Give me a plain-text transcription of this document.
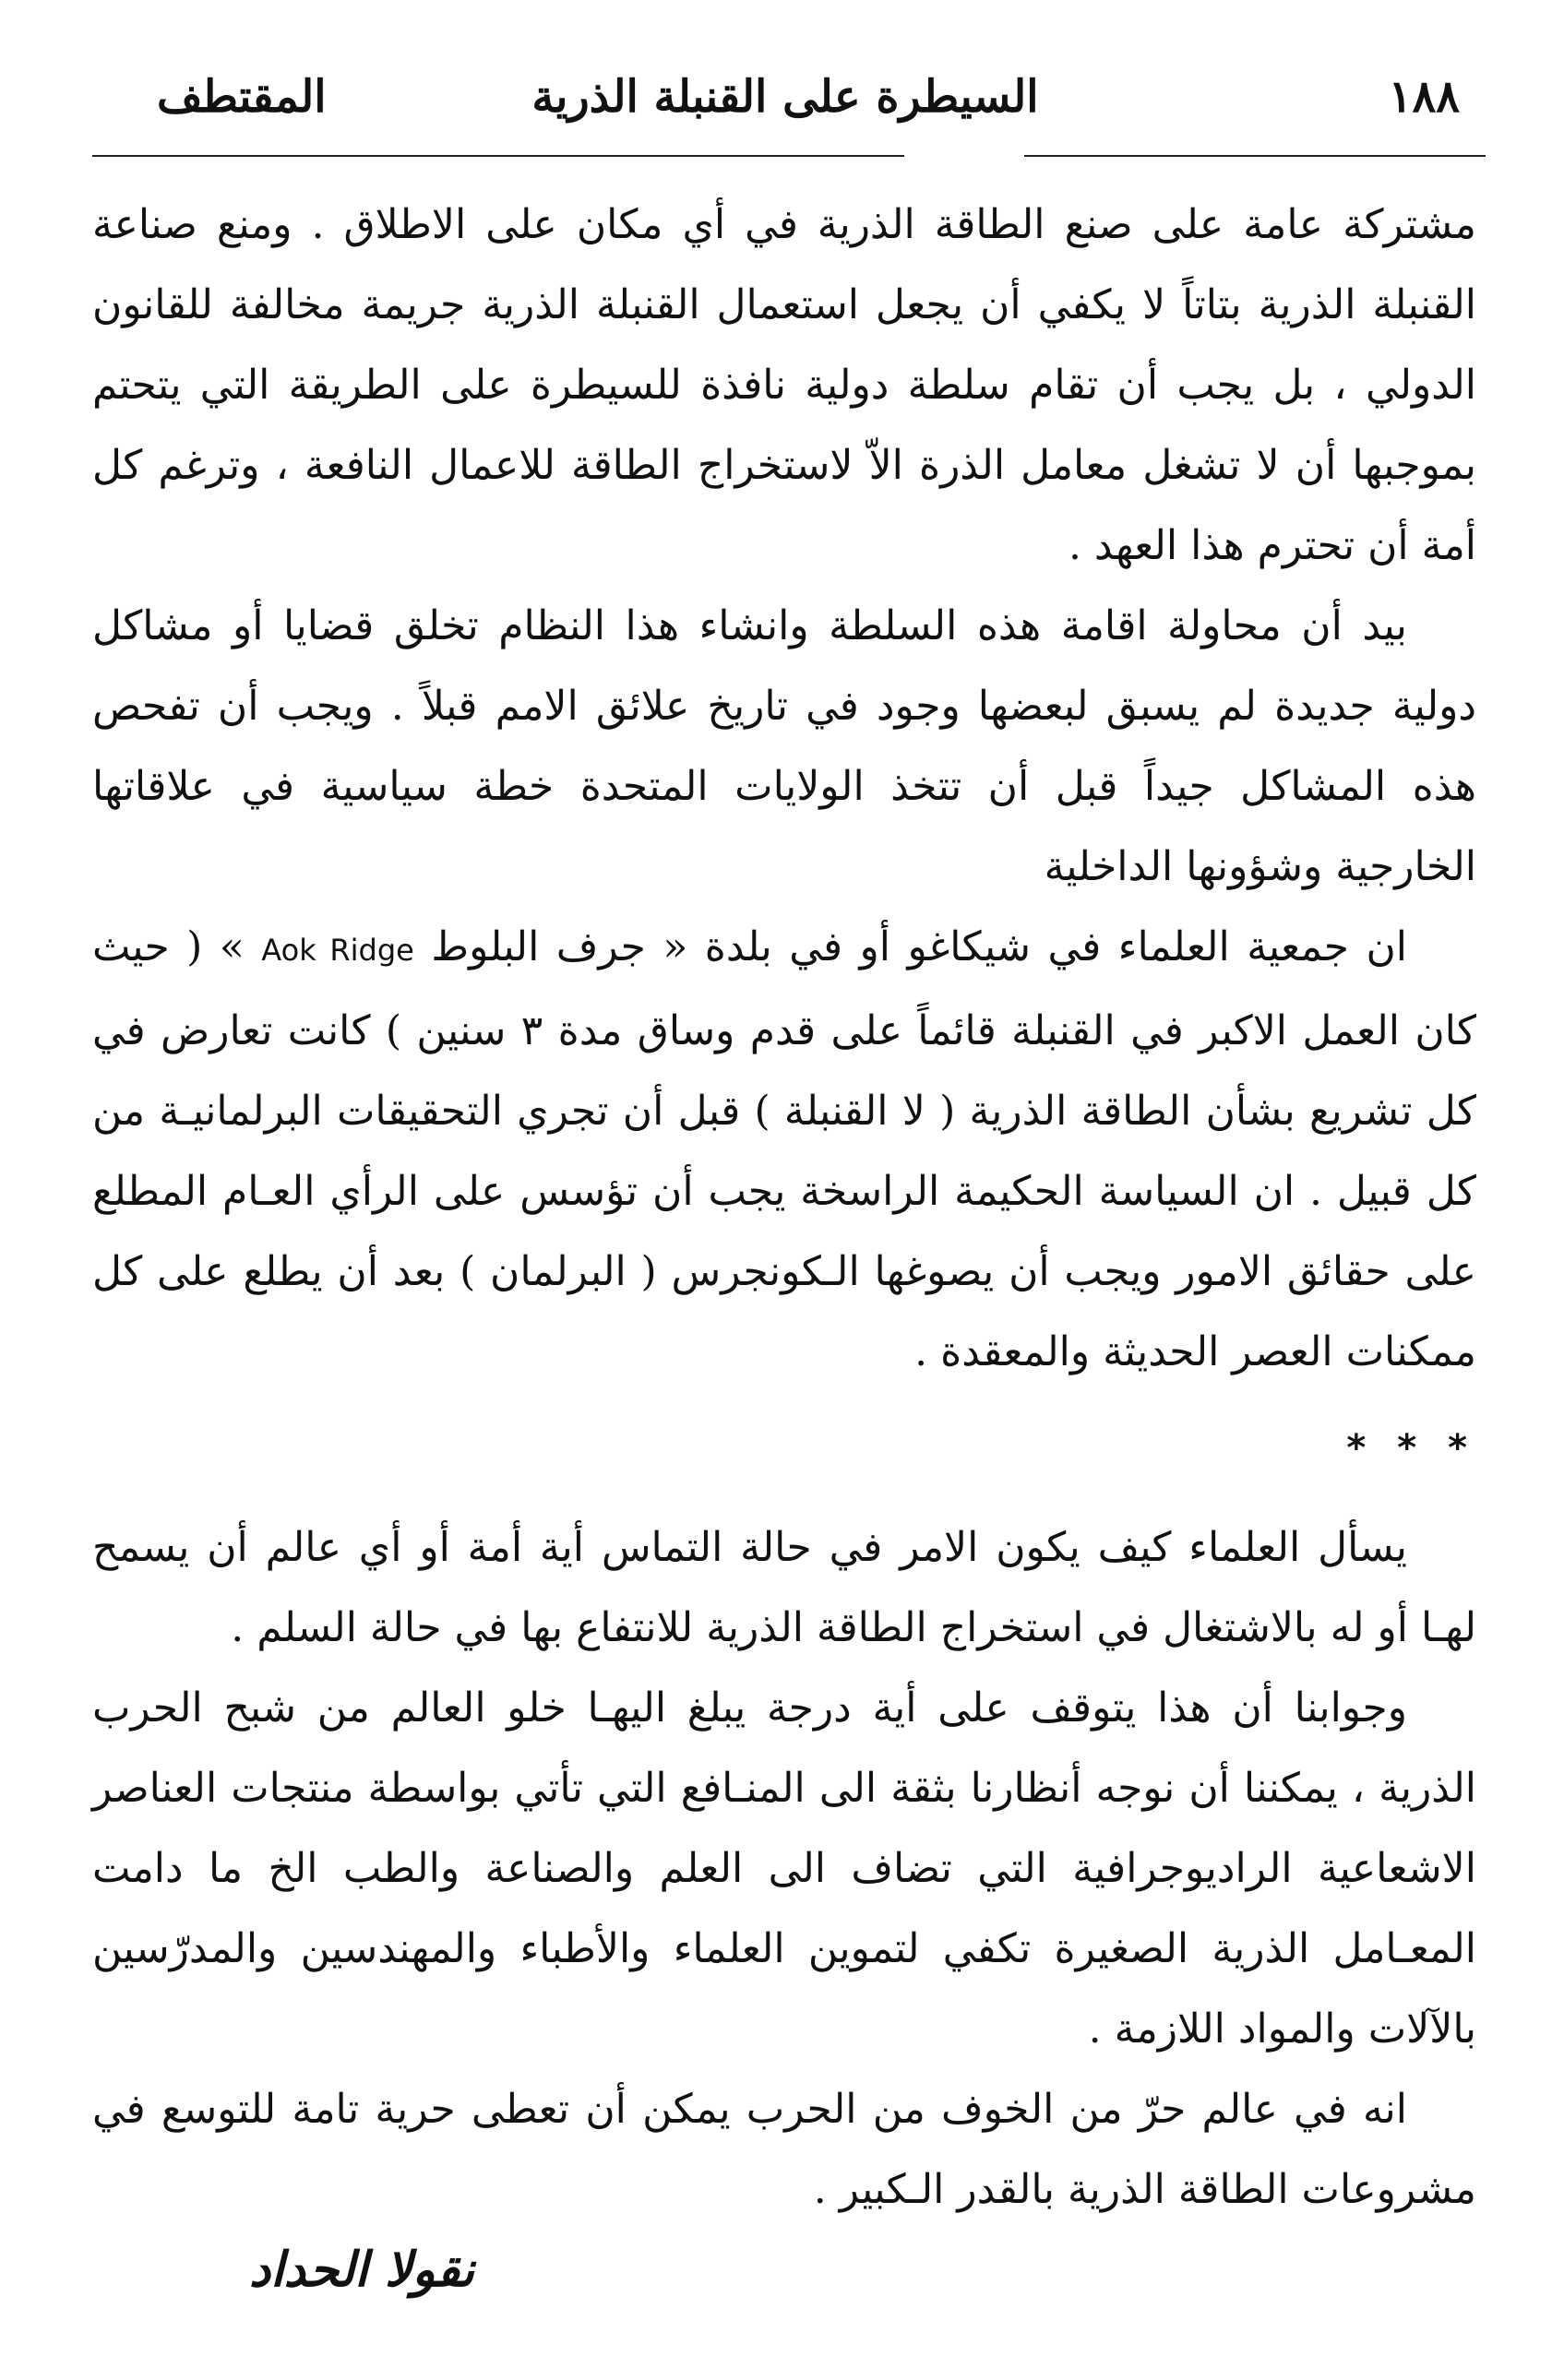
١٨٨
السيطرة على القنبلة الذرية
المقتطف

مشتركة عامة على صنع الطاقة الذرية في أي مكان على الاطلاق . ومنع صناعة القنبلة الذرية بتاتاً لا يكفي أن يجعل استعمال القنبلة الذرية جريمة مخالفة للقانون الدولي ، بل يجب أن تقام سلطة دولية نافذة للسيطرة على الطريقة التي يتحتم بموجبها أن لا تشغل معامل الذرة الاّ لاستخراج الطاقة للاعمال النافعة ، وترغم كل أمة أن تحترم هذا العهد .

بيد أن محاولة اقامة هذه السلطة وانشاء هذا النظام تخلق قضايا أو مشاكل دولية جديدة لم يسبق لبعضها وجود في تاريخ علائق الامم قبلاً . ويجب أن تفحص هذه المشاكل جيداً قبل أن تتخذ الولايات المتحدة خطة سياسية في علاقاتها الخارجية وشؤونها الداخلية

ان جمعية العلماء في شيكاغو أو في بلدة « جرف البلوط Aok Ridge » ( حيث كان العمل الاكبر في القنبلة قائماً على قدم وساق مدة ٣ سنين ) كانت تعارض في كل تشريع بشأن الطاقة الذرية ( لا القنبلة ) قبل أن تجري التحقيقات البرلمانيـة من كل قبيل . ان السياسة الحكيمة الراسخة يجب أن تؤسس على الرأي العـام المطلع على حقائق الامور ويجب أن يصوغها الـكونجرس ( البرلمان ) بعد أن يطلع على كل ممكنات العصر الحديثة والمعقدة .

* * *

يسأل العلماء كيف يكون الامر في حالة التماس أية أمة أو أي عالم أن يسمح لهـا أو له بالاشتغال في استخراج الطاقة الذرية للانتفاع بها في حالة السلم .

وجوابنا أن هذا يتوقف على أية درجة يبلغ اليهـا خلو العالم من شبح الحرب الذرية ، يمكننا أن نوجه أنظارنا بثقة الى المنـافع التي تأتي بواسطة منتجات العناصر الاشعاعية الراديوجرافية التي تضاف الى العلم والصناعة والطب الخ ما دامت المعـامل الذرية الصغيرة تكفي لتموين العلماء والأطباء والمهندسين والمدرّسين بالآلات والمواد اللازمة .

انه في عالم حرّ من الخوف من الحرب يمكن أن تعطى حرية تامة للتوسع في مشروعات الطاقة الذرية بالقدر الـكبير .

نقولا الحداد
